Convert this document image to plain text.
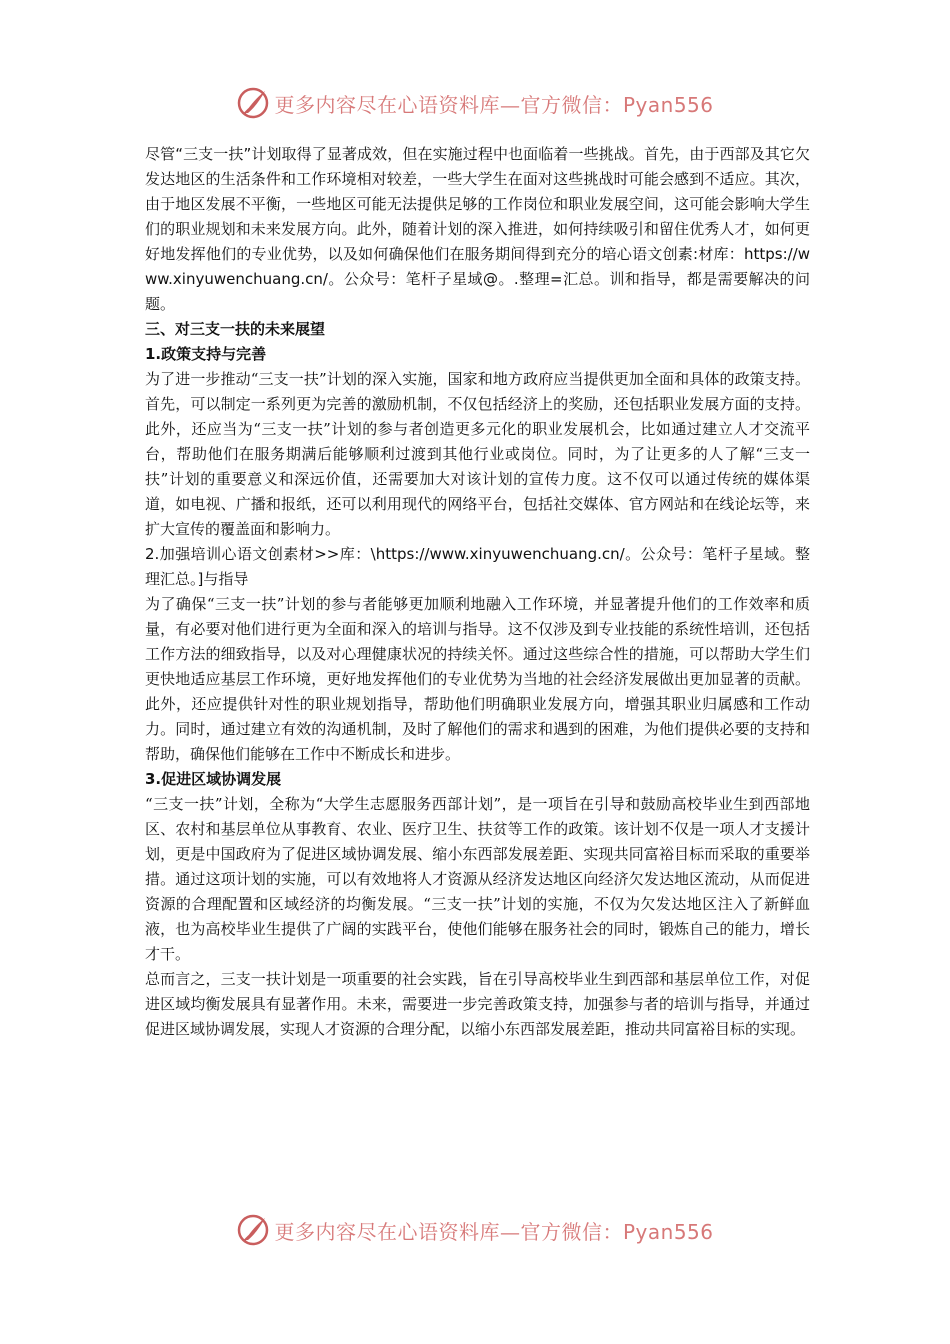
更多内容尽在心语资料库—官方微信：Pyan556

尽管“三支一扶”计划取得了显著成效，但在实施过程中也面临着一些挑战。首先，由于西部及其它欠发达地区的生活条件和工作环境相对较差，一些大学生在面对这些挑战时可能会感到不适应。其次，由于地区发展不平衡，一些地区可能无法提供足够的工作岗位和职业发展空间，这可能会影响大学生们的职业规划和未来发展方向。此外，随着计划的深入推进，如何持续吸引和留住优秀人才，如何更好地发挥他们的专业优势，以及如何确保他们在服务期间得到充分的培心语文创素:材库：https://www.xinyuwenchuang.cn/。公众号：笔杆子星域@。.整理=汇总。训和指导，都是需要解决的问题。

三、对三支一扶的未来展望

1.政策支持与完善

为了进一步推动“三支一扶”计划的深入实施，国家和地方政府应当提供更加全面和具体的政策支持。首先，可以制定一系列更为完善的激励机制，不仅包括经济上的奖励，还包括职业发展方面的支持。此外，还应当为“三支一扶”计划的参与者创造更多元化的职业发展机会，比如通过建立人才交流平台，帮助他们在服务期满后能够顺利过渡到其他行业或岗位。同时，为了让更多的人了解“三支一扶”计划的重要意义和深远价值，还需要加大对该计划的宣传力度。这不仅可以通过传统的媒体渠道，如电视、广播和报纸，还可以利用现代的网络平台，包括社交媒体、官方网站和在线论坛等，来扩大宣传的覆盖面和影响力。

2.加强培训心语文创素材>>库：\https://www.xinyuwenchuang.cn/。公众号：笔杆子星域。整理汇总。]与指导

为了确保“三支一扶”计划的参与者能够更加顺利地融入工作环境，并显著提升他们的工作效率和质量，有必要对他们进行更为全面和深入的培训与指导。这不仅涉及到专业技能的系统性培训，还包括工作方法的细致指导，以及对心理健康状况的持续关怀。通过这些综合性的措施，可以帮助大学生们更快地适应基层工作环境，更好地发挥他们的专业优势为当地的社会经济发展做出更加显著的贡献。此外，还应提供针对性的职业规划指导，帮助他们明确职业发展方向，增强其职业归属感和工作动力。同时，通过建立有效的沟通机制，及时了解他们的需求和遇到的困难，为他们提供必要的支持和帮助，确保他们能够在工作中不断成长和进步。

3.促进区域协调发展

“三支一扶”计划，全称为“大学生志愿服务西部计划”，是一项旨在引导和鼓励高校毕业生到西部地区、农村和基层单位从事教育、农业、医疗卫生、扶贫等工作的政策。该计划不仅是一项人才支援计划，更是中国政府为了促进区域协调发展、缩小东西部发展差距、实现共同富裕目标而采取的重要举措。通过这项计划的实施，可以有效地将人才资源从经济发达地区向经济欠发达地区流动，从而促进资源的合理配置和区域经济的均衡发展。“三支一扶”计划的实施，不仅为欠发达地区注入了新鲜血液，也为高校毕业生提供了广阔的实践平台，使他们能够在服务社会的同时，锻炼自己的能力，增长才干。

总而言之，三支一扶计划是一项重要的社会实践，旨在引导高校毕业生到西部和基层单位工作，对促进区域均衡发展具有显著作用。未来，需要进一步完善政策支持，加强参与者的培训与指导，并通过促进区域协调发展，实现人才资源的合理分配，以缩小东西部发展差距，推动共同富裕目标的实现。

更多内容尽在心语资料库—官方微信：Pyan556
